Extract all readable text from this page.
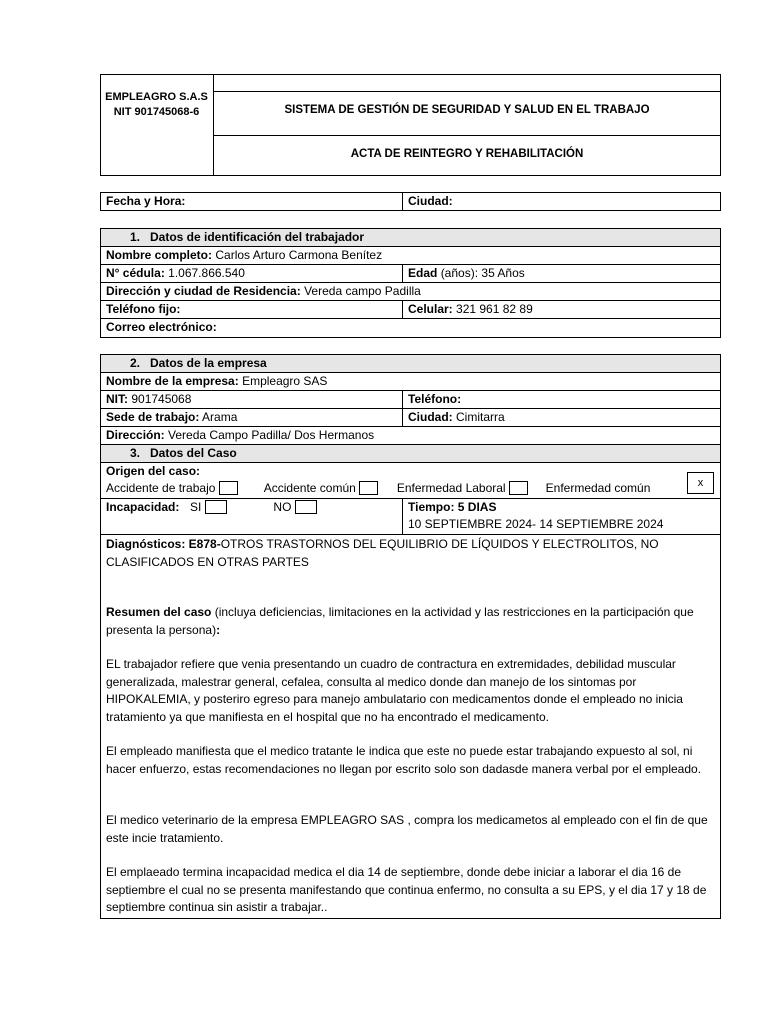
EMPLEAGRO S.A.S
NIT 901745068-6	SISTEMA DE GESTIÓN DE SEGURIDAD Y SALUD EN EL TRABAJO
ACTA DE REINTEGRO Y REHABILITACIÓN
Fecha y Hora:	Ciudad:
1.   Datos de identificación del trabajador
Nombre completo: Carlos Arturo Carmona Benítez
N° cédula: 1.067.866.540	Edad (años): 35 Años
Dirección y ciudad de Residencia: Vereda campo Padilla
Teléfono fijo:	Celular: 321 961 82 89
Correo electrónico:
2.   Datos de la empresa
Nombre de la empresa: Empleagro SAS
NIT: 901745068	Teléfono:
Sede de trabajo: Arama	Ciudad: Cimitarra
Dirección: Vereda Campo Padilla/ Dos Hermanos
3.   Datos del Caso
Origen del caso:
Accidente de trabajo	Accidente común	Enfermedad Laboral	Enfermedad común	x
Incapacidad: SI	NO	Tiempo: 5 DIAS
10 SEPTIEMBRE 2024- 14 SEPTIEMBRE 2024
Diagnósticos: E878-OTROS TRASTORNOS DEL EQUILIBRIO DE LÍQUIDOS Y ELECTROLITOS, NO CLASIFICADOS EN OTRAS PARTES
Resumen del caso (incluya deficiencias, limitaciones en la actividad y las restricciones en la participación que presenta la persona):
EL trabajador refiere que venia presentando un cuadro de contractura en extremidades, debilidad muscular generalizada, malestrar general, cefalea, consulta al medico donde dan manejo de los sintomas por HIPOKALEMIA, y posteriro egreso para manejo ambulatario con medicamentos donde el empleado no inicia tratamiento ya que manifiesta en el hospital que no ha encontrado el medicamento.
El empleado manifiesta que el medico tratante le indica que este no puede estar trabajando expuesto al sol, ni hacer enfuerzo, estas recomendaciones no llegan por escrito solo son dadasde manera verbal por el empleado.
El medico veterinario de la empresa EMPLEAGRO SAS , compra los medicametos al empleado con el fin de que este incie tratamiento.
El emplaeado termina incapacidad medica el dia 14 de septiembre, donde debe iniciar a laborar el dia 16 de septiembre el cual no se presenta manifestando que continua enfermo, no consulta a su EPS, y el dia 17 y 18 de septiembre continua sin asistir a trabajar..
